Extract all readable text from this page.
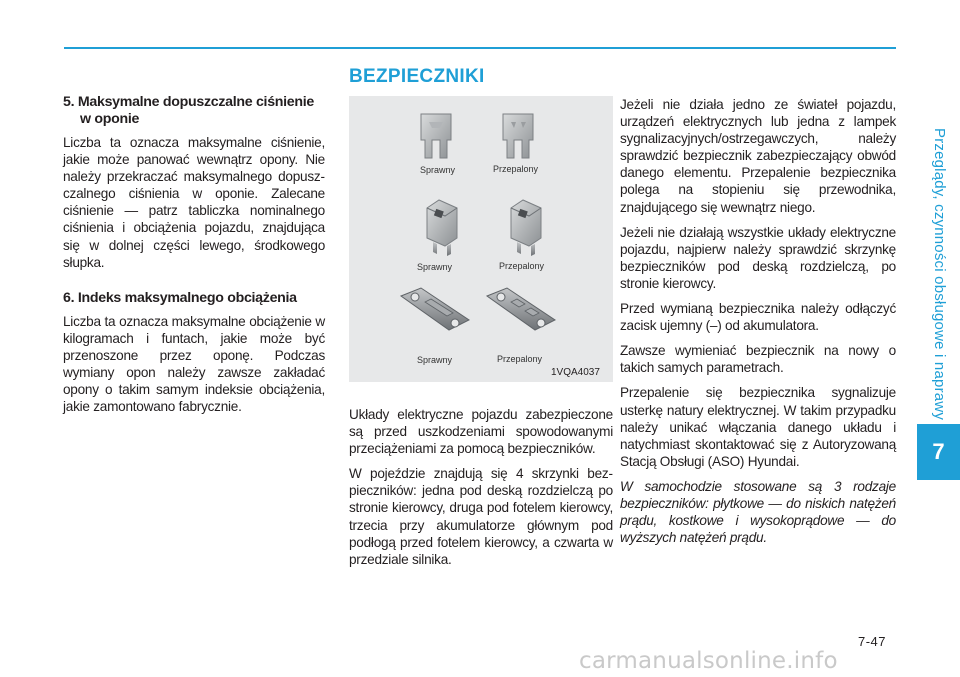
Przeglądy, czynności obsługowe i naprawy
7
5. Maksymalne dopuszczalne ciśnienie
w oponie

Liczba ta oznacza maksymalne ciśnienie, jakie może panować wewnątrz opony. Nie należy przekraczać maksymalnego dopuszczalnego ciśnienia w oponie. Zalecane ciśnienie — patrz tabliczka nominalnego ciśnienia i obciążenia pojazdu, znajdująca się w dolnej części lewego, środkowego słupka.

6. Indeks maksymalnego obciążenia

Liczba ta oznacza maksymalne obciążenie w kilogramach i funtach, jakie może być przenoszone przez oponę. Podczas wymiany opon należy zawsze zakładać opony o takim samym indeksie obciążenia, jakie zamontowano fabrycznie.

BEZPIECZNIKI
Sprawny	Przepalony
Sprawny	Przepalony
Sprawny	Przepalony
1VQA4037

Układy elektryczne pojazdu zabezpieczone są przed uszkodzeniami spowodowanymi przeciążeniami za pomocą bezpieczników.

W pojeździe znajdują się 4 skrzynki bezpieczników: jedna pod deską rozdzielczą po stronie kierowcy, druga pod fotelem kierowcy, trzecia przy akumulatorze głównym pod podłogą przed fotelem kierowcy, a czwarta w przedziale silnika.

Jeżeli nie działa jedno ze świateł pojazdu, urządzeń elektrycznych lub jedna z lampek sygnalizacyjnych/ostrzegawczych, należy sprawdzić bezpiecznik zabezpieczający obwód danego elementu. Przepalenie bezpiecznika polega na stopieniu się przewodnika, znajdującego się wewnątrz niego.

Jeżeli nie działają wszystkie układy elektryczne pojazdu, najpierw należy sprawdzić skrzynkę bezpieczników pod deską rozdzielczą, po stronie kierowcy.

Przed wymianą bezpiecznika należy odłączyć zacisk ujemny (–) od akumulatora.

Zawsze wymieniać bezpiecznik na nowy o takich samych parametrach.

Przepalenie się bezpiecznika sygnalizuje usterkę natury elektrycznej. W takim przypadku należy unikać włączania danego układu i natychmiast skontaktować się z Autoryzowaną Stacją Obsługi (ASO) Hyundai.

W samochodzie stosowane są 3 rodzaje bezpieczników: płytkowe — do niskich natężeń prądu, kostkowe i wysokoprądowe — do wyższych natężeń prądu.

7-47
carmanualsonline.info
